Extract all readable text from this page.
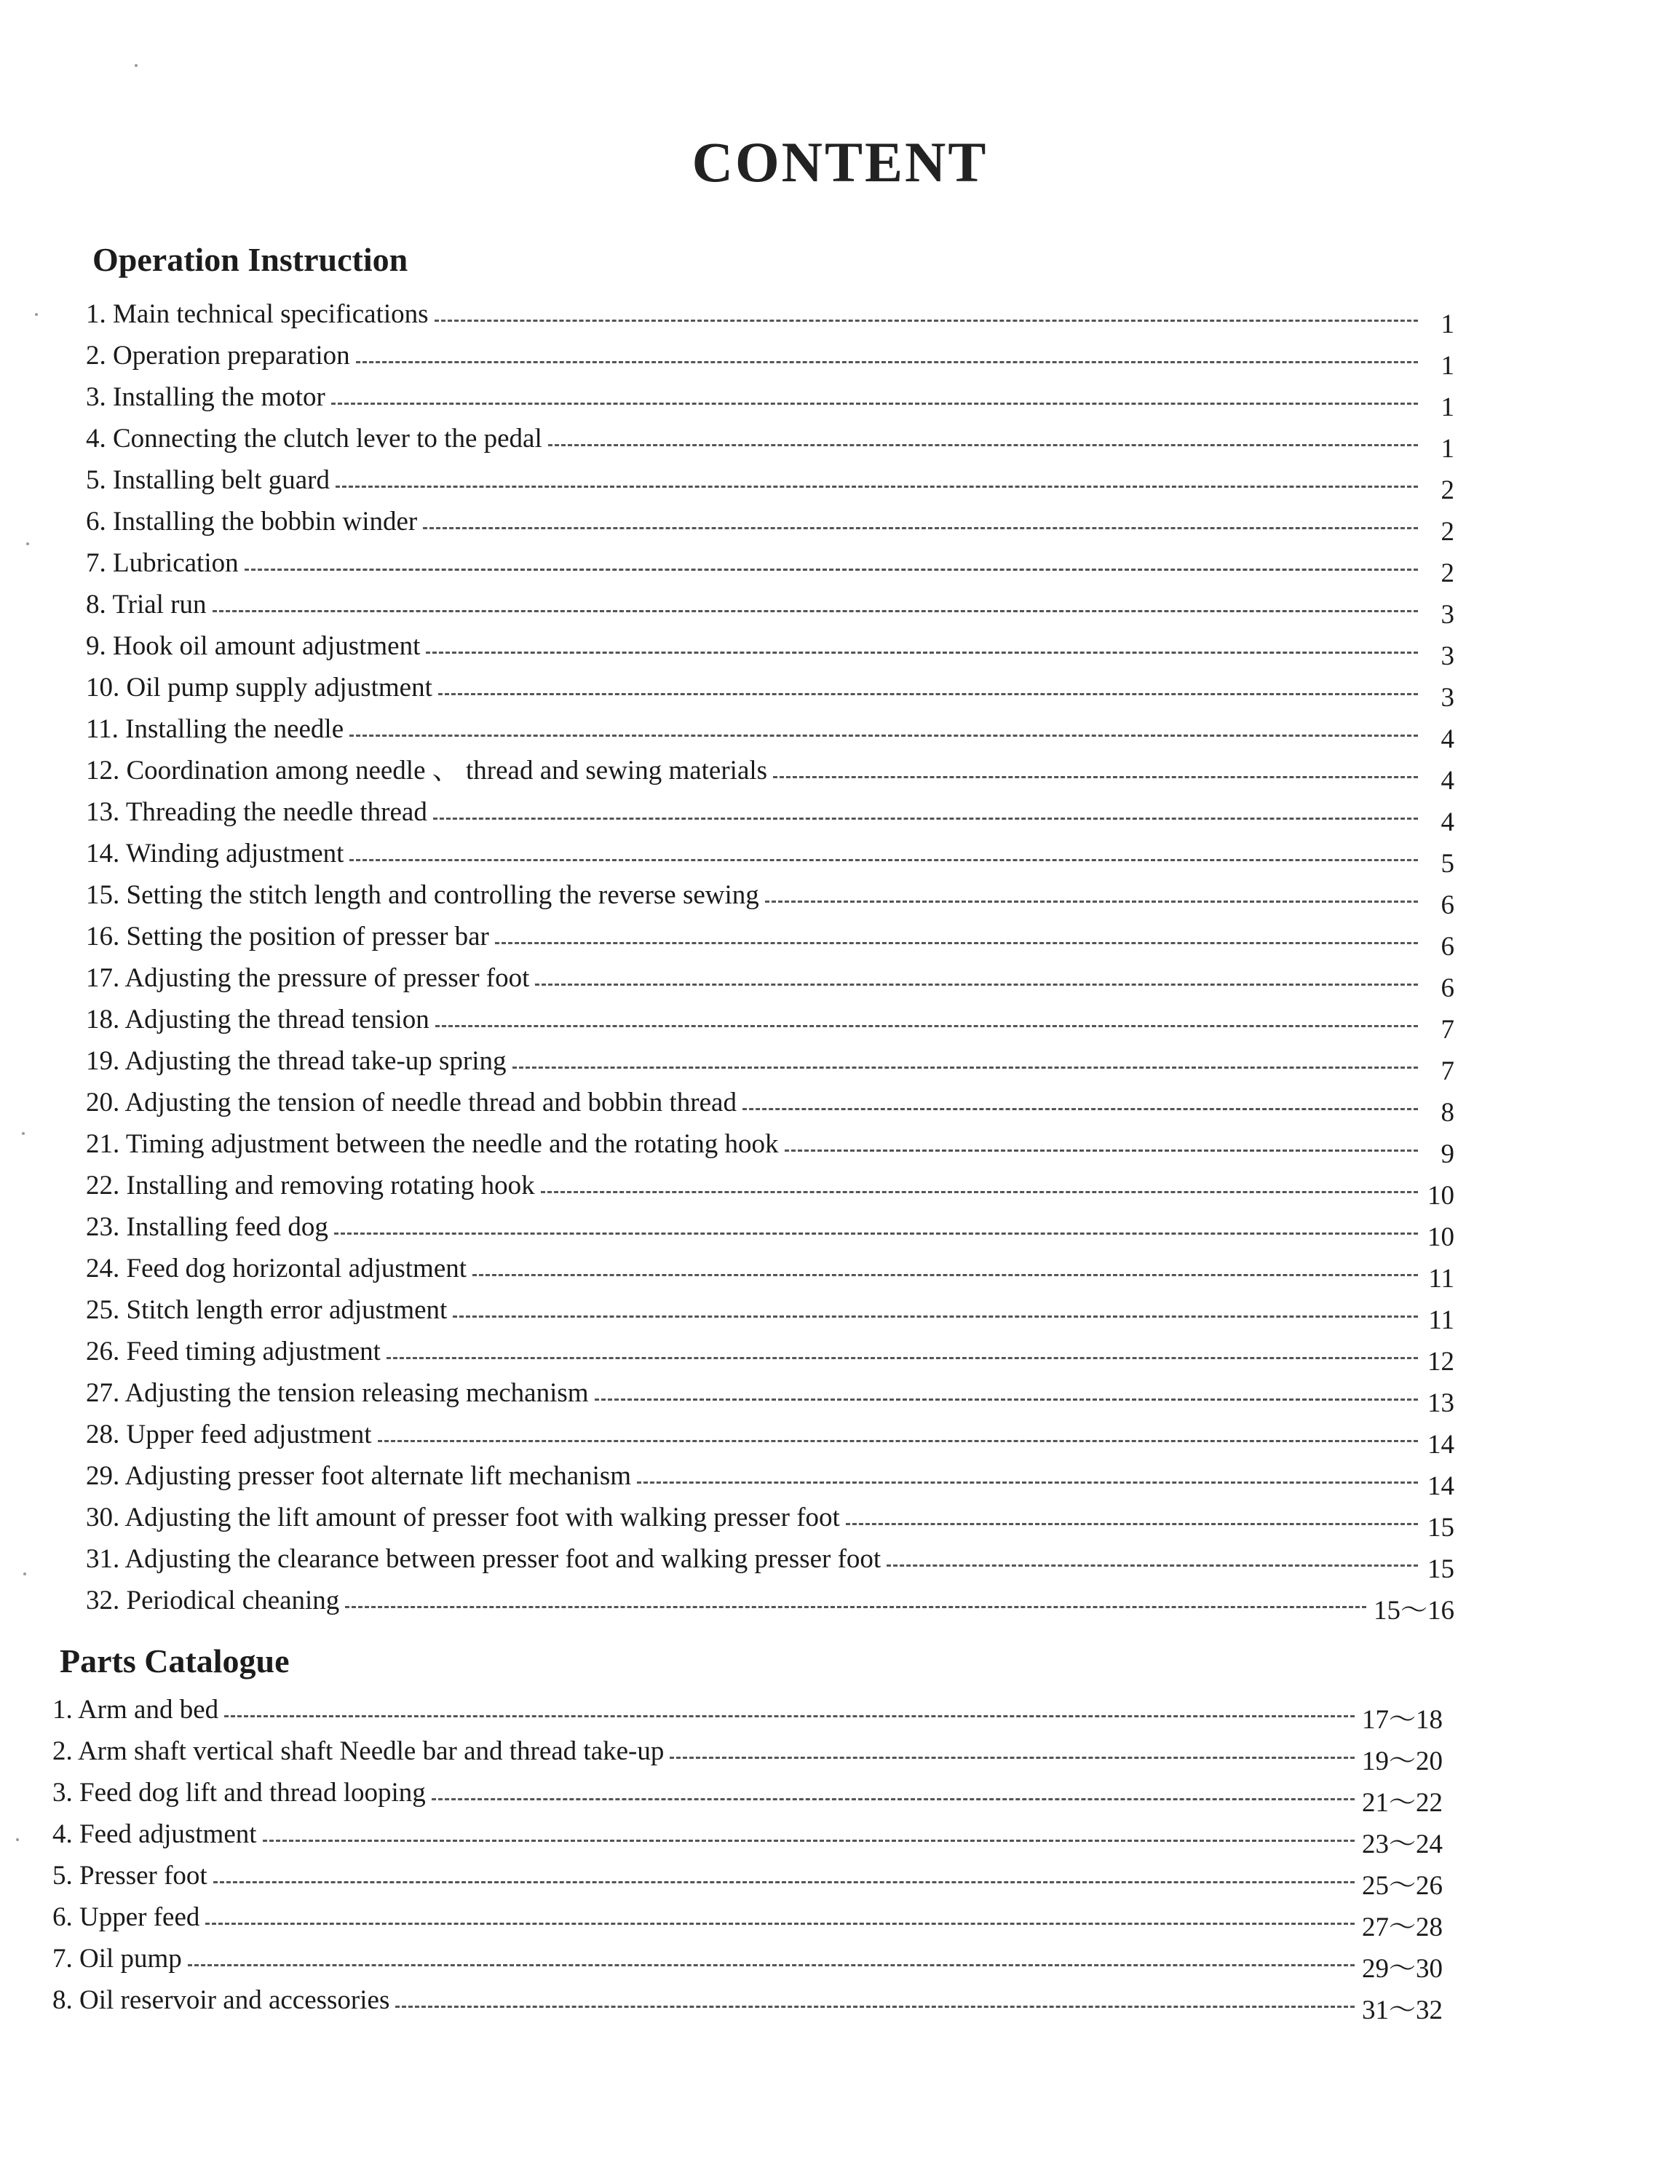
CONTENT
Operation Instruction
1. Main technical specifications	1
2. Operation preparation	1
3. Installing the motor	1
4. Connecting the clutch lever to the pedal	1
5. Installing belt guard	2
6. Installing the bobbin winder	2
7. Lubrication	2
8. Trial run	3
9. Hook oil amount adjustment	3
10. Oil pump supply adjustment	3
11. Installing the needle	4
12. Coordination among needle 、 thread and sewing materials	4
13. Threading the needle thread	4
14. Winding adjustment	5
15. Setting the stitch length and controlling the reverse sewing	6
16. Setting the position of presser bar	6
17. Adjusting the pressure of presser foot	6
18. Adjusting the thread tension	7
19. Adjusting the thread take-up spring	7
20. Adjusting the tension of needle thread and bobbin thread	8
21. Timing adjustment between the needle and the rotating hook	9
22. Installing and removing rotating hook	10
23. Installing feed dog	10
24. Feed dog horizontal adjustment	11
25. Stitch length error adjustment	11
26. Feed timing adjustment	12
27. Adjusting the tension releasing mechanism	13
28. Upper feed adjustment	14
29. Adjusting presser foot alternate lift mechanism	14
30. Adjusting the lift amount of presser foot with walking presser foot	15
31. Adjusting the clearance between presser foot and walking presser foot	15
32. Periodical cheaning	15～16
Parts Catalogue
1. Arm and bed	17～18
2. Arm shaft vertical shaft Needle bar and thread take-up	19～20
3. Feed dog lift and thread looping	21～22
4. Feed adjustment	23～24
5. Presser foot	25～26
6. Upper feed	27～28
7. Oil pump	29～30
8. Oil reservoir and accessories	31～32
